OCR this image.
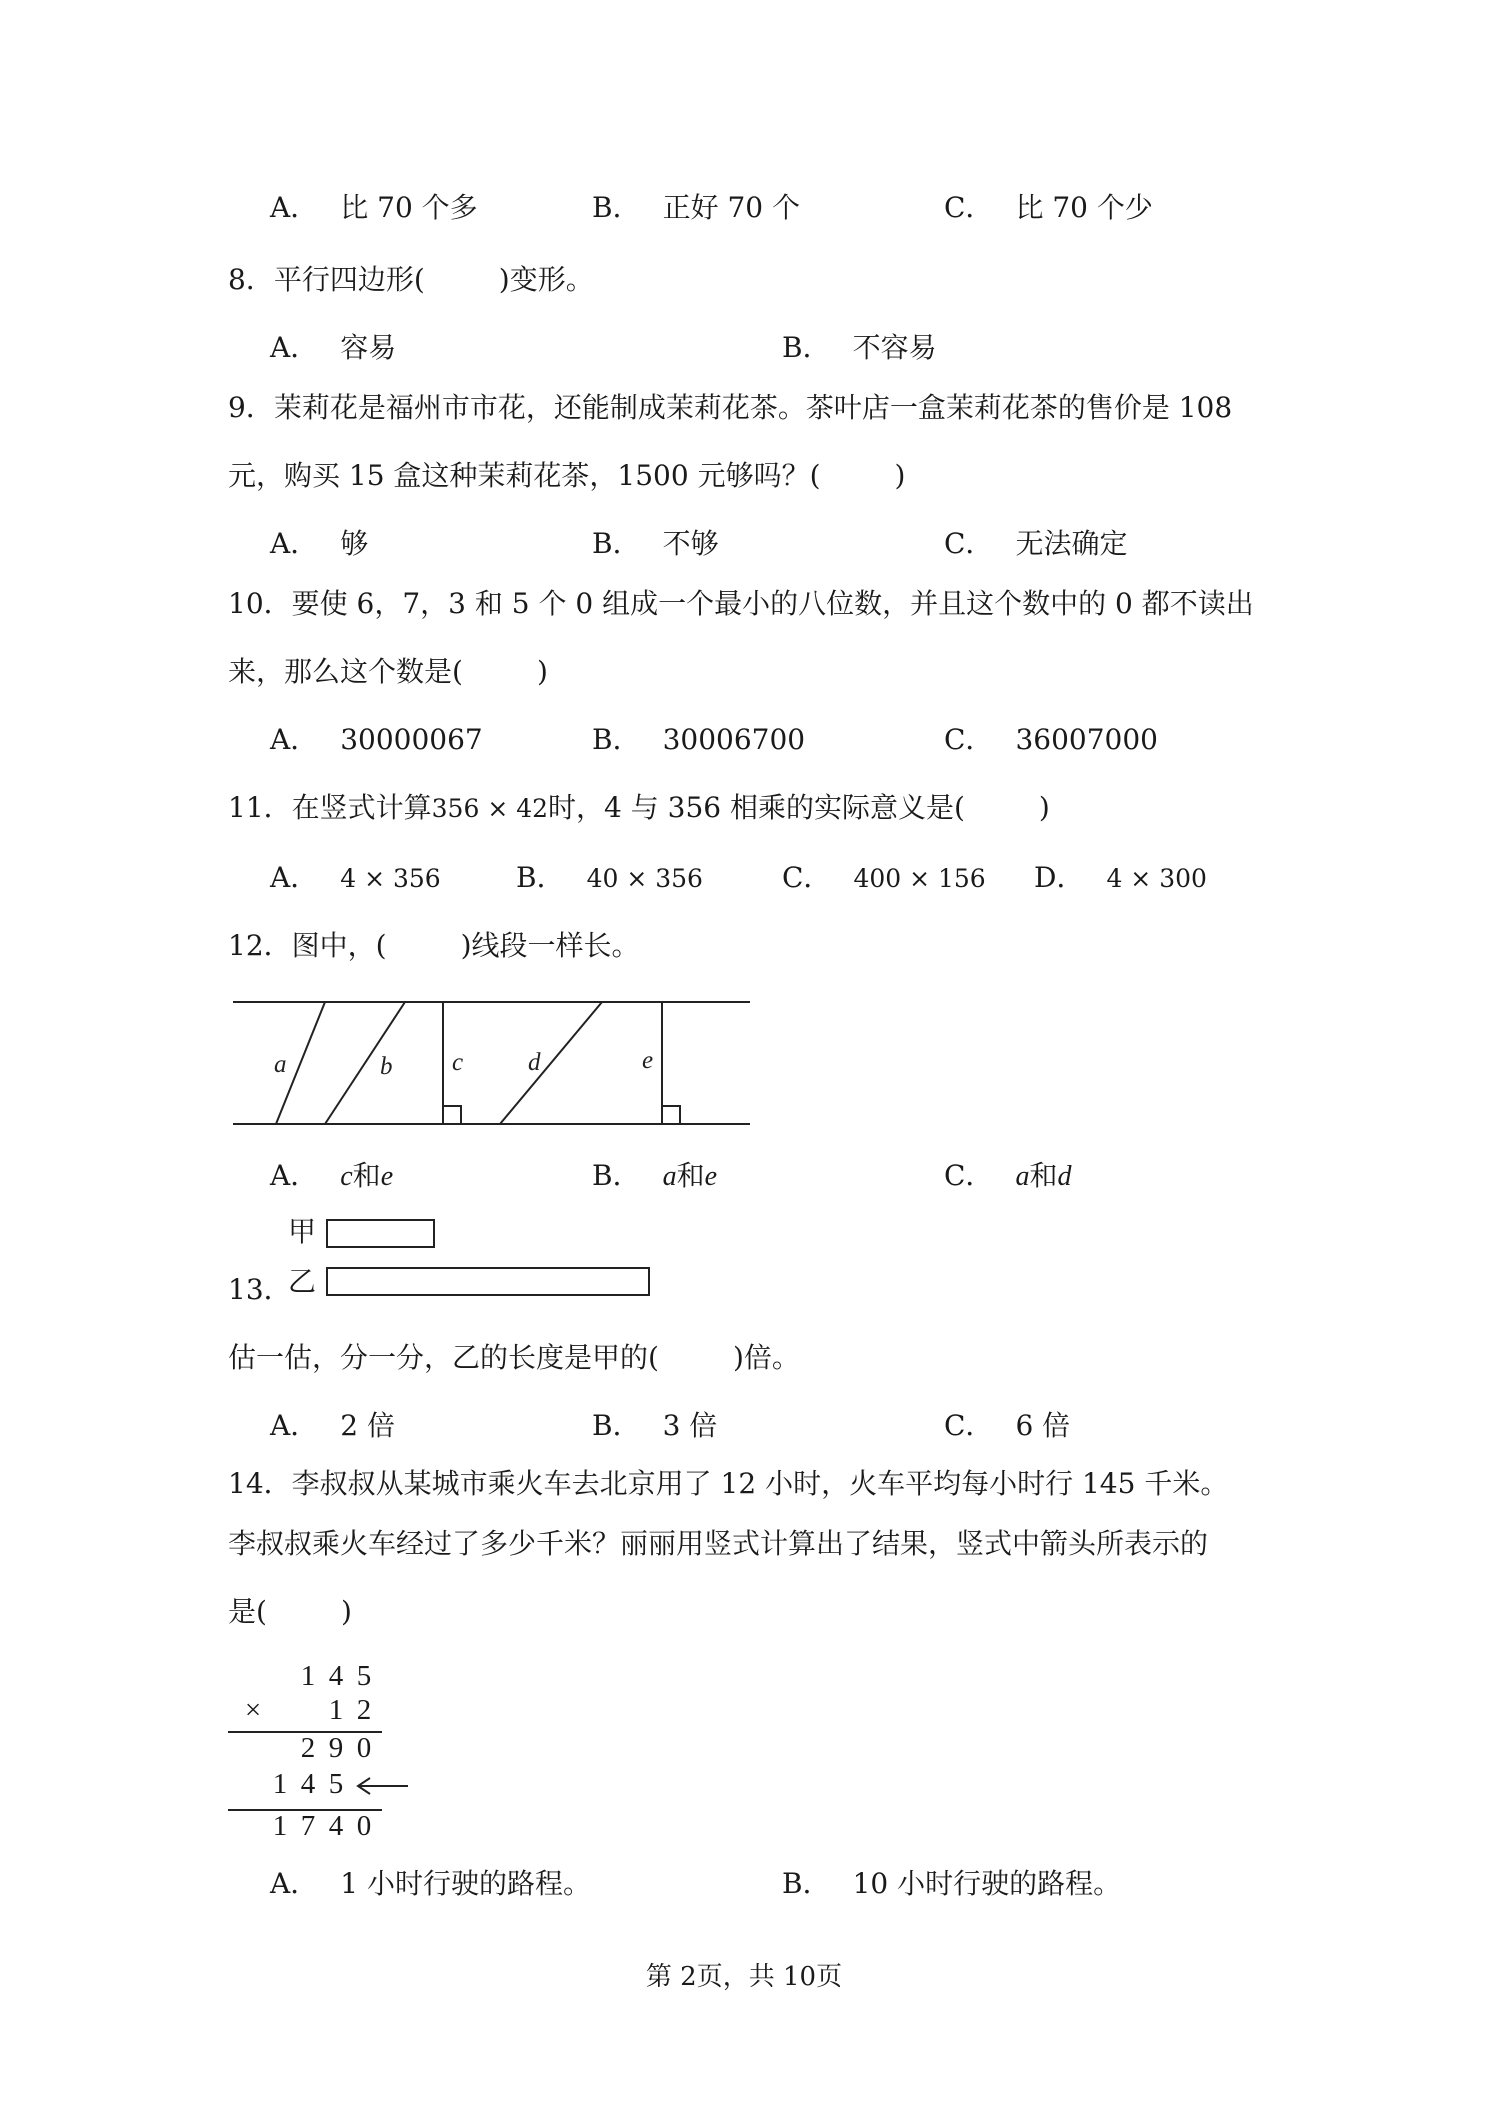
A． 比 70 个多	B． 正好 70 个	C． 比 70 个少
8．平行四边形(	)变形。
A． 容易	B． 不容易
9．茉莉花是福州市市花，还能制成茉莉花茶。茶叶店一盒茉莉花茶的售价是 108
元，购买 15 盒这种茉莉花茶，1500 元够吗？(	)
A． 够	B． 不够	C． 无法确定
10．要使 6，7，3 和 5 个 0 组成一个最小的八位数，并且这个数中的 0 都不读出
来，那么这个数是(	)
A． 30000067	B． 30006700	C． 36007000
11．在竖式计算356 × 42时，4 与 356 相乘的实际意义是(	)
A． 4 × 356	B． 40 × 356	C． 400 × 156 D． 4 × 300
12．图中，(	)线段一样长。
a	b c	d	e
A． c和e	B． a和e	C． a和d
甲
乙
13．
估一估，分一分，乙的长度是甲的(	)倍。
A． 2 倍	B． 3 倍	C． 6 倍
14．李叔叔从某城市乘火车去北京用了 12 小时，火车平均每小时行 145 千米。
李叔叔乘火车经过了多少千米？丽丽用竖式计算出了结果，竖式中箭头所表示的
是(	)
1 4 5
× 1 2
2 9 0
1 4 5
1 7 4 0
A． 1 小时行驶的路程。	B． 10 小时行驶的路程。
第 2页，共 10页
